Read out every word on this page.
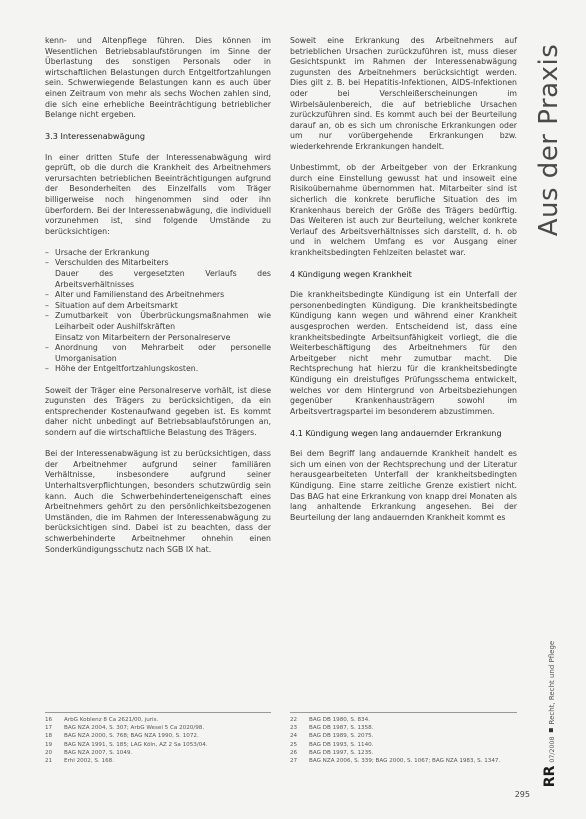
kenn- und Altenpflege führen. Dies können im Wesentlichen Betriebsablaufstörungen im Sinne der Überlastung des sonstigen Personals oder in wirtschaftlichen Belastungen durch Entgeltfortzahlungen sein. Schwerwiegende Belastungen kann es auch über einen Zeitraum von mehr als sechs Wochen zahlen sind, die sich eine erhebliche Beeinträchtigung betrieblicher Belange nicht ergeben.

3.3 Interessenabwägung

In einer dritten Stufe der Interessenabwägung wird geprüft, ob die durch die Krankheit des Arbeitnehmers verursachten betrieblichen Beeinträchtigungen aufgrund der Besonderheiten des Einzelfalls vom Träger billigerweise noch hingenommen sind oder ihn überfordern. Bei der Interessenabwägung, die individuell vorzunehmen ist, sind folgende Umstände zu berücksichtigen:

– Ursache der Erkrankung
– Verschulden des Mitarbeiters
Dauer des vergesetzten Verlaufs des Arbeitsverhältnisses
– Alter und Familienstand des Arbeitnehmers
– Situation auf dem Arbeitsmarkt
– Zumutbarkeit von Überbrückungsmaßnahmen wie Leiharbeit oder Aushilfskräften
Einsatz von Mitarbeitern der Personalreserve
– Anordnung von Mehrarbeit oder personelle Umorganisation
– Höhe der Entgeltfortzahlungskosten.

Soweit der Träger eine Personalreserve vorhält, ist diese zugunsten des Trägers zu berücksichtigen, da ein entsprechender Kostenaufwand gegeben ist. Es kommt daher nicht unbedingt auf Betriebsablaufstörungen an, sondern auf die wirtschaftliche Belastung des Trägers.

Bei der Interessenabwägung ist zu berücksichtigen, dass der Arbeitnehmer aufgrund seiner familiären Verhältnisse, insbesondere aufgrund seiner Unterhaltsverpflichtungen, besonders schutzwürdig sein kann. Auch die Schwerbehinderteneigenschaft eines Arbeitnehmers gehört zu den persönlichkeitsbezogenen Umständen, die im Rahmen der Interessenabwägung zu berücksichtigen sind. Dabei ist zu beachten, dass der schwerbehinderte Arbeitnehmer ohnehin einen Sonderkündigungsschutz nach SGB IX hat.

Soweit eine Erkrankung des Arbeitnehmers auf betrieblichen Ursachen zurückzuführen ist, muss dieser Gesichtspunkt im Rahmen der Interessenabwägung zugunsten des Arbeitnehmers berücksichtigt werden. Dies gilt z. B. bei Hepatitis-Infektionen, AIDS-Infektionen oder bei Verschleißerscheinungen im Wirbelsäulenbereich, die auf betriebliche Ursachen zurückzuführen sind. Es kommt auch bei der Beurteilung darauf an, ob es sich um chronische Erkrankungen oder um nur vorübergehende Erkrankungen bzw. wiederkehrende Erkrankungen handelt.

Unbestimmt, ob der Arbeitgeber von der Erkrankung durch eine Einstellung gewusst hat und insoweit eine Risikoübernahme übernommen hat. Mitarbeiter sind ist sicherlich die konkrete berufliche Situation des im Krankenhaus bereich der Größe des Trägers bedürftig. Das Weiteren ist auch zur Beurteilung, welcher konkrete Verlauf des Arbeitsverhältnisses sich darstellt, d. h. ob und in welchem Umfang es vor Ausgang einer krankheitsbedingten Fehlzeiten belastet war.

4 Kündigung wegen Krankheit

Die krankheitsbedingte Kündigung ist ein Unterfall der personenbedingten Kündigung. Die krankheitsbedingte Kündigung kann wegen und während einer Krankheit ausgesprochen werden. Entscheidend ist, dass eine krankheitsbedingte Arbeitsunfähigkeit vorliegt, die die Weiterbeschäftigung des Arbeitnehmers für den Arbeitgeber nicht mehr zumutbar macht. Die Rechtsprechung hat hierzu für die krankheitsbedingte Kündigung ein dreistufiges Prüfungsschema entwickelt, welches vor dem Hintergrund von Arbeitsbeziehungen gegenüber Krankenhausträgern sowohl im Arbeitsvertragspartei im besonderem abzustimmen.

4.1 Kündigung wegen lang andauernder Erkrankung

Bei dem Begriff lang andauernde Krankheit handelt es sich um einen von der Rechtsprechung und der Literatur herausgearbeiteten Unterfall der krankheitsbedingten Kündigung. Eine starre zeitliche Grenze existiert nicht. Das BAG hat eine Erkrankung von knapp drei Monaten als lang anhaltende Erkrankung angesehen. Bei der Beurteilung der lang andauernden Krankheit kommt es

16	ArbG Koblenz 8 Ca 2621/00, juris.
17	BAG NZA 2004, S. 307; ArbG Wesel 5 Ca 2020/98.
18	BAG NZA 2000, S. 768; BAG NZA 1990, S. 1072.
19	BAG NZA 1991, S. 185; LAG Köln, AZ 2 Sa 1053/04.
20	BAG NZA 2007, S. 1049.
21	Erhl 2002, S. 168.
22	BAG DB 1980, S. 834.
23	BAG DB 1987, S. 1358.
24	BAG DB 1989, S. 2075.
25	BAG DB 1993, S. 1140.
26	BAG DB 1997, S. 1235.
27	BAG NZA 2006, S. 339; BAG 2000, S. 1067; BAG NZA 1983, S. 1347.
Aus der Praxis
RR07/2008Recht, Recht und Pflege
295
